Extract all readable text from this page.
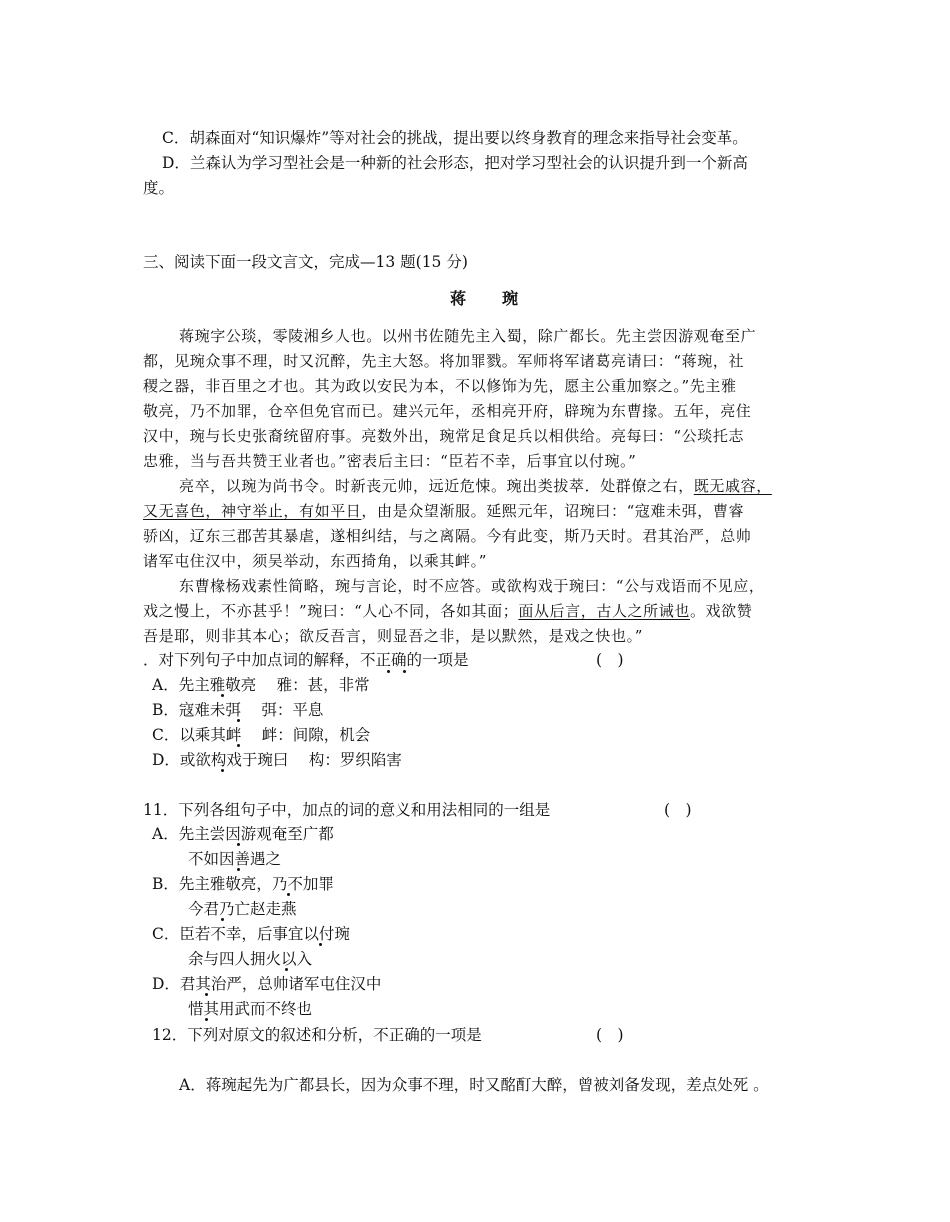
C．胡森面对“知识爆炸”等对社会的挑战，提出要以终身教育的理念来指导社会变革。
D．兰森认为学习型社会是一种新的社会形态，把对学习型社会的认识提升到一个新高
度。
三、阅读下面一段文言文，完成—13 题(15 分)
蒋　琬
蒋琬字公琰，零陵湘乡人也。以州书佐随先主入蜀，除广都长。先主尝因游观奄至广
都，见琬众事不理，时又沉醉，先主大怒。将加罪戮。军师将军诸葛亮请曰：“蒋琬，社
稷之器，非百里之才也。其为政以安民为本，不以修饰为先，愿主公重加察之。”先主雅
敬亮，乃不加罪，仓卒但免官而已。建兴元年，丞相亮开府，辟琬为东曹掾。五年，亮住
汉中，琬与长史张裔统留府事。亮数外出，琬常足食足兵以相供给。亮每曰：“公琰托志
忠雅，当与吾共赞王业者也。”密表后主曰：“臣若不幸，后事宜以付琬。”
亮卒，以琬为尚书令。时新丧元帅，远近危悚。琬出类拔萃．处群僚之右，既无戚容，
又无喜色，神守举止，有如平日，由是众望渐服。延熙元年，诏琬曰：“寇难未弭，曹睿
骄凶，辽东三郡苦其暴虐，遂相纠结，与之离隔。今有此变，斯乃天时。君其治严，总帅
诸军屯住汉中，须吴举动，东西掎角，以乘其衅。”
东曹椽杨戏素性简略，琬与言论，时不应答。或欲构戏于琬曰：“公与戏语而不见应，
戏之慢上，不亦甚乎！”琬曰：“人心不同，各如其面；面从后言，古人之所诫也。戏欲赞
吾是耶，则非其本心；欲反吾言，则显吾之非，是以默然，是戏之快也。”
．对下列句子中加点词的解释，不正确的一项是	(　)
A．先主雅敬亮　 雅：甚，非常
B．寇难未弭　 弭：平息
C．以乘其衅　 衅：间隙，机会
D．或欲构戏于琬曰　 构：罗织陷害
11．下列各组句子中，加点的词的意义和用法相同的一组是	(　)
A．先主尝因游观奄至广都
不如因善遇之
B．先主雅敬亮，乃不加罪
今君乃亡赵走燕
C．臣若不幸，后事宜以付琬
余与四人拥火以入
D．君其治严，总帅诸军屯住汉中
惜其用武而不终也
12．下列对原文的叙述和分析，不正确的一项是	(　)
A．蒋琬起先为广都县长，因为众事不理，时又酩酊大醉，曾被刘备发现，差点处死 。
